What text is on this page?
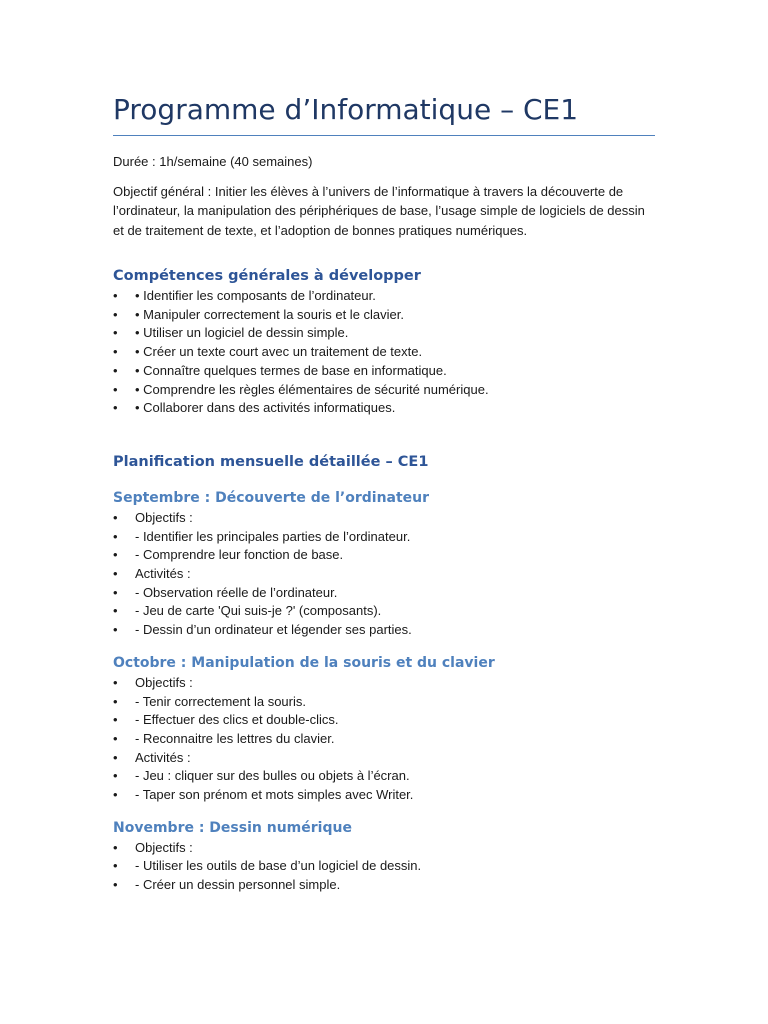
Programme d’Informatique – CE1

Durée : 1h/semaine (40 semaines)

Objectif général : Initier les élèves à l’univers de l’informatique à travers la découverte de l’ordinateur, la manipulation des périphériques de base, l’usage simple de logiciels de dessin et de traitement de texte, et l’adoption de bonnes pratiques numériques.

Compétences générales à développer
• • Identifier les composants de l’ordinateur.
• • Manipuler correctement la souris et le clavier.
• • Utiliser un logiciel de dessin simple.
• • Créer un texte court avec un traitement de texte.
• • Connaître quelques termes de base en informatique.
• • Comprendre les règles élémentaires de sécurité numérique.
• • Collaborer dans des activités informatiques.
Planification mensuelle détaillée – CE1
Septembre : Découverte de l’ordinateur
• Objectifs :
• - Identifier les principales parties de l’ordinateur.
• - Comprendre leur fonction de base.
• Activités :
• - Observation réelle de l’ordinateur.
• - Jeu de carte 'Qui suis-je ?' (composants).
• - Dessin d’un ordinateur et légender ses parties.
Octobre : Manipulation de la souris et du clavier
• Objectifs :
• - Tenir correctement la souris.
• - Effectuer des clics et double-clics.
• - Reconnaitre les lettres du clavier.
• Activités :
• - Jeu : cliquer sur des bulles ou objets à l’écran.
• - Taper son prénom et mots simples avec Writer.
Novembre : Dessin numérique
• Objectifs :
• - Utiliser les outils de base d’un logiciel de dessin.
• - Créer un dessin personnel simple.
